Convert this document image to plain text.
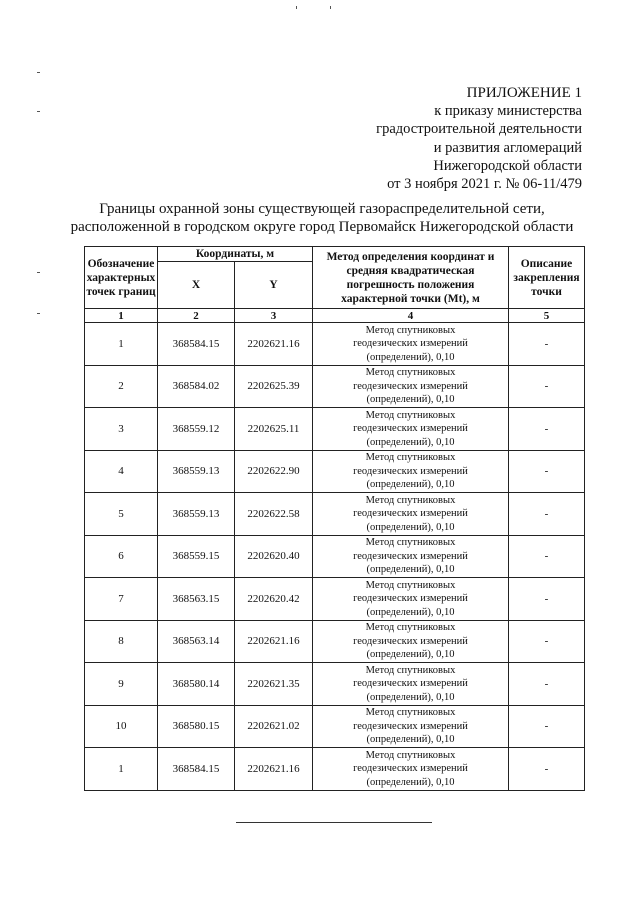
ПРИЛОЖЕНИЕ 1
к приказу министерства
градостроительной деятельности
и развития агломераций
Нижегородской области
от 3 ноября 2021 г. № 06-11/479
Границы охранной зоны существующей газораспределительной сети,
расположенной в городском округе город Первомайск Нижегородской области
Обозначение характерных точек границ	Координаты, м		Метод определения координат и средняя квадратическая погрешность положения характерной точки (Mt), м	Описание закрепления точки
	X	Y		
1	2	3	4	5
1	368584.15	2202621.16	Метод спутниковых
геодезических измерений
(определений), 0,10	-
2	368584.02	2202625.39	Метод спутниковых
геодезических измерений
(определений), 0,10	-
3	368559.12	2202625.11	Метод спутниковых
геодезических измерений
(определений), 0,10	-
4	368559.13	2202622.90	Метод спутниковых
геодезических измерений
(определений), 0,10	-
5	368559.13	2202622.58	Метод спутниковых
геодезических измерений
(определений), 0,10	-
6	368559.15	2202620.40	Метод спутниковых
геодезических измерений
(определений), 0,10	-
7	368563.15	2202620.42	Метод спутниковых
геодезических измерений
(определений), 0,10	-
8	368563.14	2202621.16	Метод спутниковых
геодезических измерений
(определений), 0,10	-
9	368580.14	2202621.35	Метод спутниковых
геодезических измерений
(определений), 0,10	-
10	368580.15	2202621.02	Метод спутниковых
геодезических измерений
(определений), 0,10	-
1	368584.15	2202621.16	Метод спутниковых
геодезических измерений
(определений), 0,10	-
